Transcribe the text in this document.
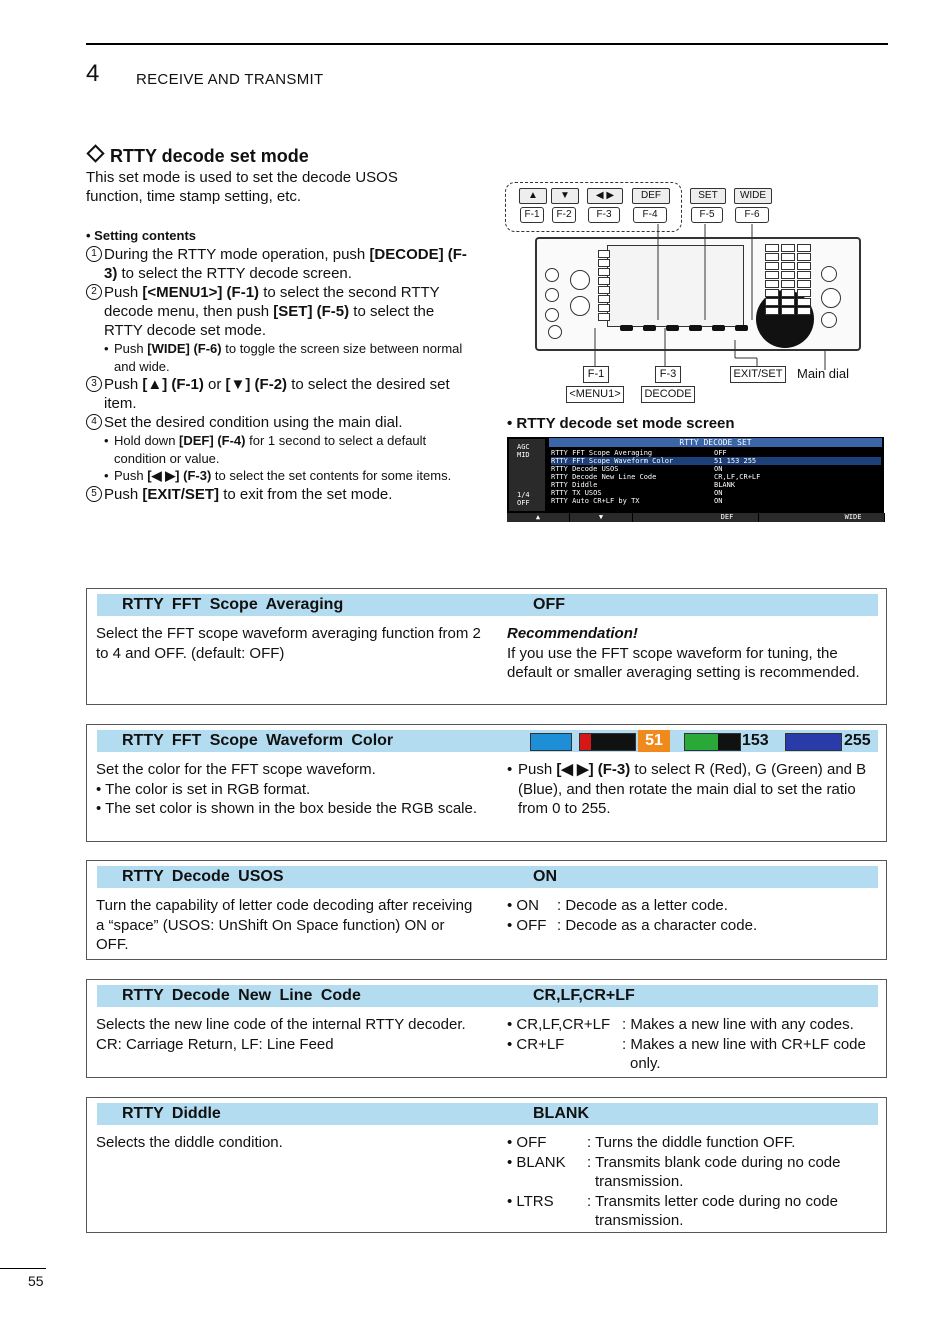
4 RECEIVE AND TRANSMIT
RTTY decode set mode
This set mode is used to set the decode USOS function, time stamp setting, etc.
• Setting contents
1 During the RTTY mode operation, push [DECODE] (F-3) to select the RTTY decode screen.
2 Push [<MENU1>] (F-1) to select the second RTTY decode menu, then push [SET] (F-5) to select the RTTY decode set mode.
• Push [WIDE] (F-6) to toggle the screen size between normal and wide.
3 Push [▲] (F-1) or [▼] (F-2) to select the desired set item.
4 Set the desired condition using the main dial.
• Hold down [DEF] (F-4) for 1 second to select a default condition or value.
• Push [◀ ▶] (F-3) to select the set contents for some items.
5 Push [EXIT/SET] to exit from the set mode.
▲
F-1
▼
F-2
◀ ▶
F-3
DEF
F-4
SET
F-5
WIDE
F-6
F-1
<MENU1>
F-3
DECODE
EXIT/SET Main dial
• RTTY decode set mode screen
AGC
MID
1/4
OFF
RTTY DECODE SET
RTTY FFT Scope Averaging	OFF
RTTY FFT Scope Waveform Color	51 153 255
RTTY Decode USOS	ON
RTTY Decode New Line Code	CR,LF,CR+LF
RTTY Diddle	BLANK
RTTY TX USOS	ON
RTTY Auto CR+LF by TX	ON
▲	▼	DEF	WIDE
RTTY FFT Scope Averaging	OFF
Select the FFT scope waveform averaging function from 2 to 4 and OFF. (default: OFF)
Recommendation!
If you use the FFT scope waveform for tuning, the default or smaller averaging setting is recommended.
RTTY FFT Scope Waveform Color	51	153	255
Set the color for the FFT scope waveform.
• The color is set in RGB format.
• The set color is shown in the box beside the RGB scale.
• Push [◀ ▶] (F-3) to select R (Red), G (Green) and B (Blue), and then rotate the main dial to set the ratio from 0 to 255.
RTTY Decode USOS	ON
Turn the capability of letter code decoding after receiving a “space” (USOS: UnShift On Space function) ON or OFF.
• ON	: Decode as a letter code.
• OFF : Decode as a character code.
RTTY Decode New Line Code	CR,LF,CR+LF
Selects the new line code of the internal RTTY decoder.
CR: Carriage Return, LF: Line Feed
• CR,LF,CR+LF : Makes a new line with any codes.
• CR+LF	: Makes a new line with CR+LF code only.
RTTY Diddle	BLANK
Selects the diddle condition.	• OFF	: Turns the diddle function OFF.
• BLANK	: Transmits blank code during no code transmission.
• LTRS	: Transmits letter code during no code transmission.
55
